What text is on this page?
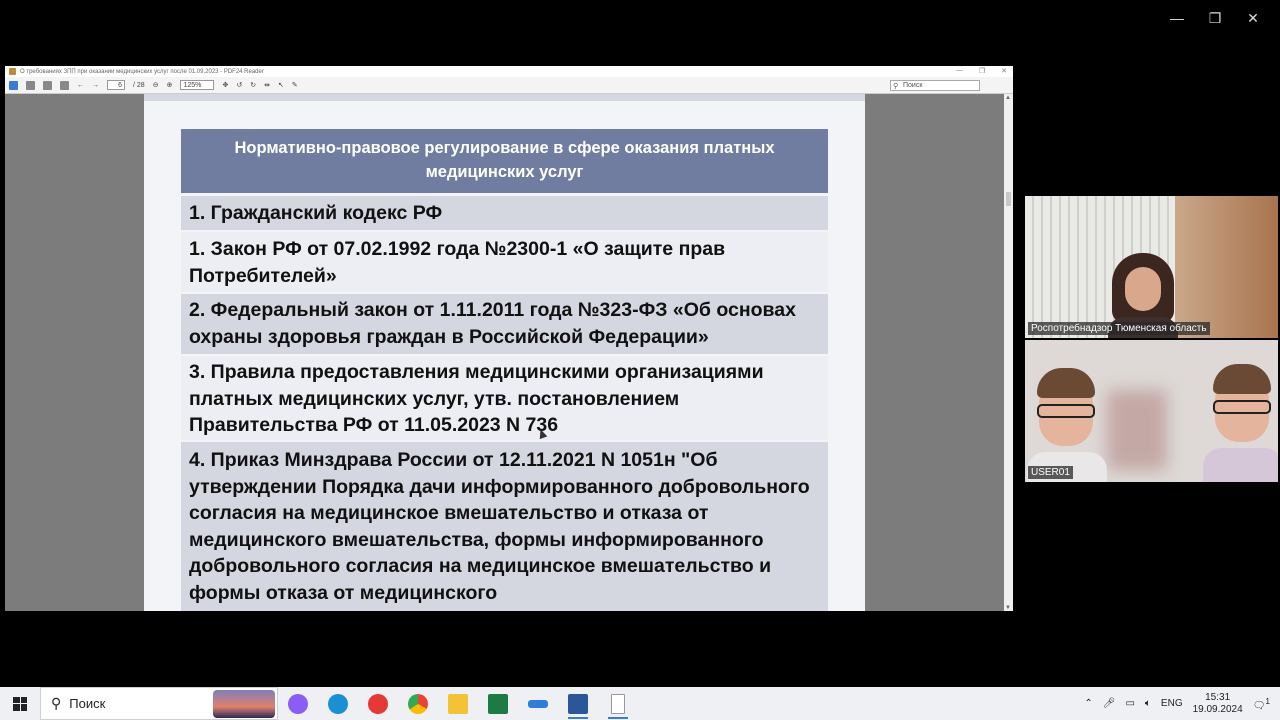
—	❐	✕
О требованиях ЗПП при оказании медицинских услуг после 01.09.2023 - PDF24 Reader	— ❐ ✕
← →	6	/ 28 ⊖ ⊕	125%	✥ ↺ ↻ ⇹ ↖ ✎	⚲ Поиск
Нормативно-правовое регулирование в сфере оказания платных медицинских услуг
1. Гражданский кодекс РФ
1. Закон РФ от 07.02.1992 года №2300-1 «О защите прав Потребителей»
2. Федеральный закон от 1.11.2011 года №323-ФЗ «Об основах охраны здоровья граждан в Российской Федерации»
3. Правила предоставления медицинскими организациями платных медицинских услуг, утв. постановлением Правительства РФ от 11.05.2023 N 736
4. Приказ Минздрава России от 12.11.2021 N 1051н "Об утверждении Порядка дачи информированного добровольного согласия на медицинское вмешательство и отказа от медицинского вмешательства, формы информированного добровольного согласия на медицинское вмешательство и формы отказа от медицинского
▲
▼
Роспотребнадзор Тюменская область
USER01
⚲ Поиск	⌃ 🎤︎ ▭ 🔈︎ ENG
15:31
19.09.2024 🗨︎$^1$
